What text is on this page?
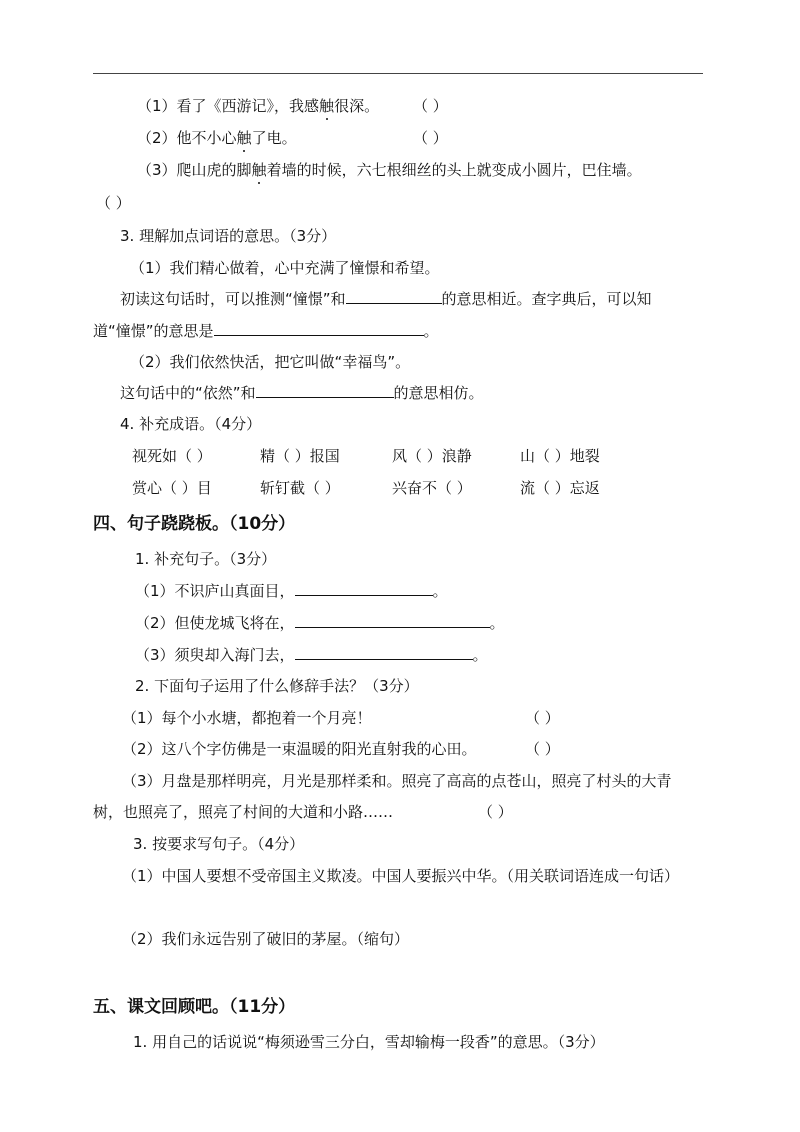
（1）看了《西游记》，我感触很深。 （ ）
（2）他不小心触了电。	（ ）
（3）爬山虎的脚触着墙的时候，六七根细丝的头上就变成小圆片，巴住墙。
（ ）
3. 理解加点词语的意思。（3分）
（1）我们精心做着，心中充满了憧憬和希望。
初读这句话时，可以推测“憧憬”和	的意思相近。查字典后，可以知
道“憧憬”的意思是	。
（2）我们依然快活，把它叫做“幸福鸟”。
这句话中的“依然”和	的意思相仿。
4. 补充成语。（4分）
视死如（ ）	精（ ）报国	风（ ）浪静	山（ ）地裂
赏心（ ）目	斩钉截（ ）	兴奋不（ ）	流（ ）忘返
四、句子跷跷板。（10分）
1. 补充句子。（3分）
（1）不识庐山真面目，	。
（2）但使龙城飞将在，	。
（3）须臾却入海门去，	。
2. 下面句子运用了什么修辞手法？（3分）
（1）每个小水塘，都抱着一个月亮！	（ ）
（2）这八个字仿佛是一束温暖的阳光直射我的心田。	（ ）
（3）月盘是那样明亮，月光是那样柔和。照亮了高高的点苍山，照亮了村头的大青
树，也照亮了，照亮了村间的大道和小路……	（ ）
3. 按要求写句子。（4分）
（1）中国人要想不受帝国主义欺凌。中国人要振兴中华。（用关联词语连成一句话）
（2）我们永远告别了破旧的茅屋。（缩句）
五、课文回顾吧。（11分）
1. 用自己的话说说“梅须逊雪三分白，雪却输梅一段香”的意思。（3分）
